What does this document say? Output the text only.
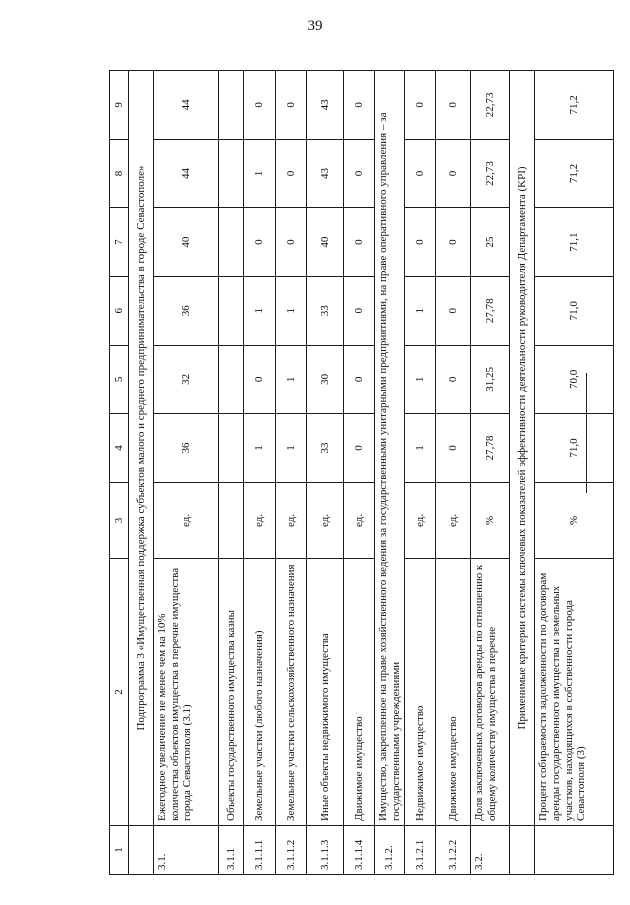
39
1	2	3	4	5	6	7	8	9
	Подпрограмма 3 «Имущественная поддержка субъектов малого и среднего предпринимательства в городе Севастополе»							
3.1.	Ежегодное увеличение не менее чем на 10% количества объектов имущества в перечне имущества города Севастополя (3.1)	ед.	36	32	36	40	44	44
3.1.1	Объекты государственного имущества казны							
3.1.1.1	Земельные участки (любого назначения)	ед.	1	0	1	0	1	0
3.1.1.2	Земельные участки сельскохозяйственного назначения	ед.	1	1	1	0	0	0
3.1.1.3	Иные объекты недвижимого имущества	ед.	33	30	33	40	43	43
3.1.1.4	Движимое имущество	ед.	0	0	0	0	0	0
3.1.2.	Имущество, закрепленное на праве хозяйственного ведения за государственными унитарными предприятиями, на праве оперативного управления – за государственными учреждениями							
3.1.2.1	Недвижимое имущество	ед.	1	1	1	0	0	0
3.1.2.2	Движимое имущество	ед.	0	0	0	0	0	0
3.2.	Доля заключенных договоров аренды по отношению к общему количеству имущества в перечне	%	27,78	31,25	27,78	25	22,73	22,73
	Применимые критерии системы ключевых показателей эффективности деятельности руководителя Департамента (KPI)							
	Процент собираемости задолженности по договорам аренды государственного имущества и земельных участков, находящихся в собственности города Севастополя (3)	%	71,0	70,0	71,0	71,1	71,2	71,2
